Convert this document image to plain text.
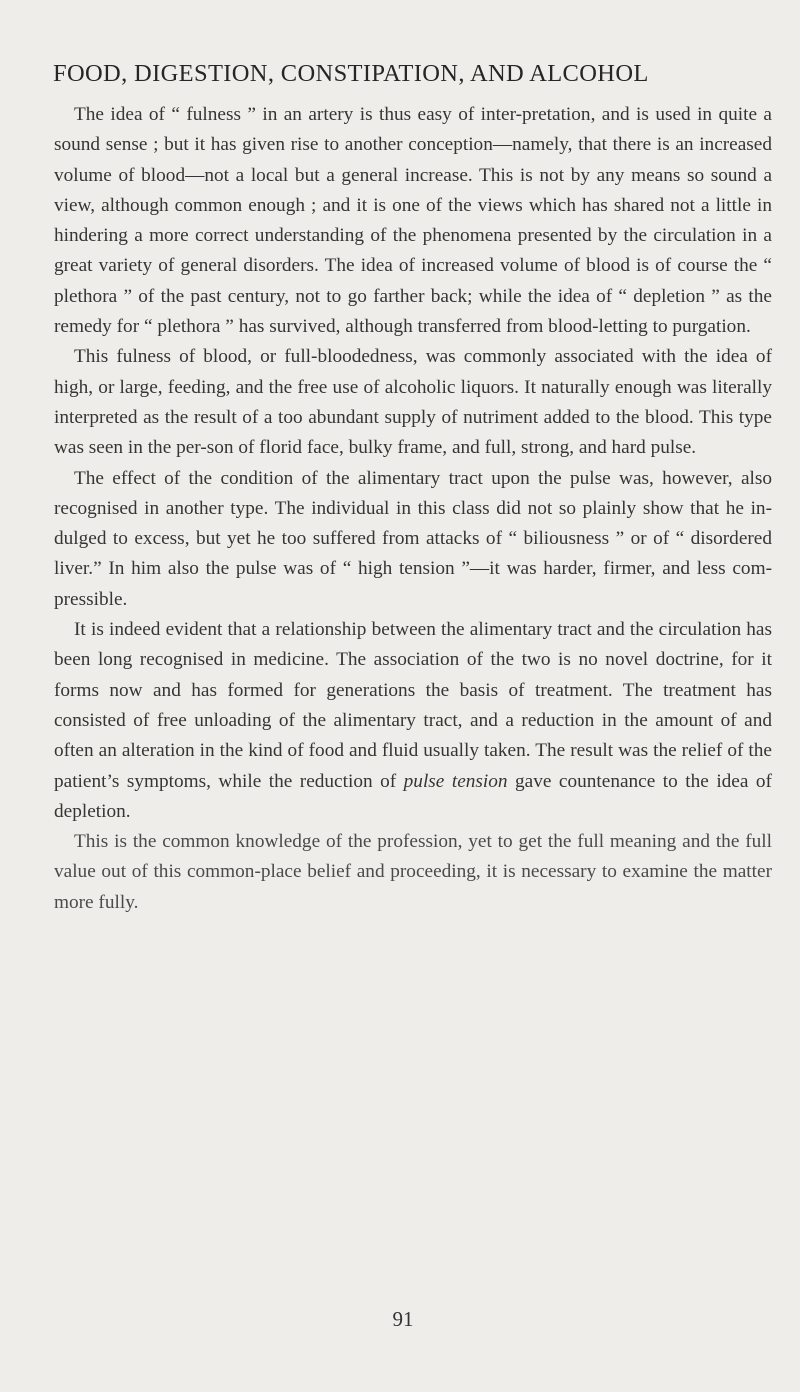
FOOD, DIGESTION, CONSTIPATION, AND ALCOHOL

The idea of “ fulness ” in an artery is thus easy of inter-pretation, and is used in quite a sound sense ; but it has given rise to another conception—namely, that there is an increased volume of blood—not a local but a general increase. This is not by any means so sound a view, although common enough ; and it is one of the views which has shared not a little in hindering a more correct understanding of the phenomena presented by the circulation in a great variety of general disorders. The idea of increased volume of blood is of course the “ plethora ” of the past century, not to go farther back; while the idea of “ depletion ” as the remedy for “ plethora ” has survived, although transferred from blood-letting to purgation.

This fulness of blood, or full-bloodedness, was commonly associated with the idea of high, or large, feeding, and the free use of alcoholic liquors. It naturally enough was literally interpreted as the result of a too abundant supply of nutriment added to the blood. This type was seen in the per-son of florid face, bulky frame, and full, strong, and hard pulse.

The effect of the condition of the alimentary tract upon the pulse was, however, also recognised in another type. The individual in this class did not so plainly show that he in-dulged to excess, but yet he too suffered from attacks of “ biliousness ” or of “ disordered liver.” In him also the pulse was of “ high tension ”—it was harder, firmer, and less com-pressible.

It is indeed evident that a relationship between the alimentary tract and the circulation has been long recognised in medicine. The association of the two is no novel doctrine, for it forms now and has formed for generations the basis of treatment. The treatment has consisted of free unloading of the alimentary tract, and a reduction in the amount of and often an alteration in the kind of food and fluid usually taken. The result was the relief of the patient’s symptoms, while the reduction of pulse tension gave countenance to the idea of depletion.

This is the common knowledge of the profession, yet to get the full meaning and the full value out of this common-place belief and proceeding, it is necessary to examine the matter more fully.

91
